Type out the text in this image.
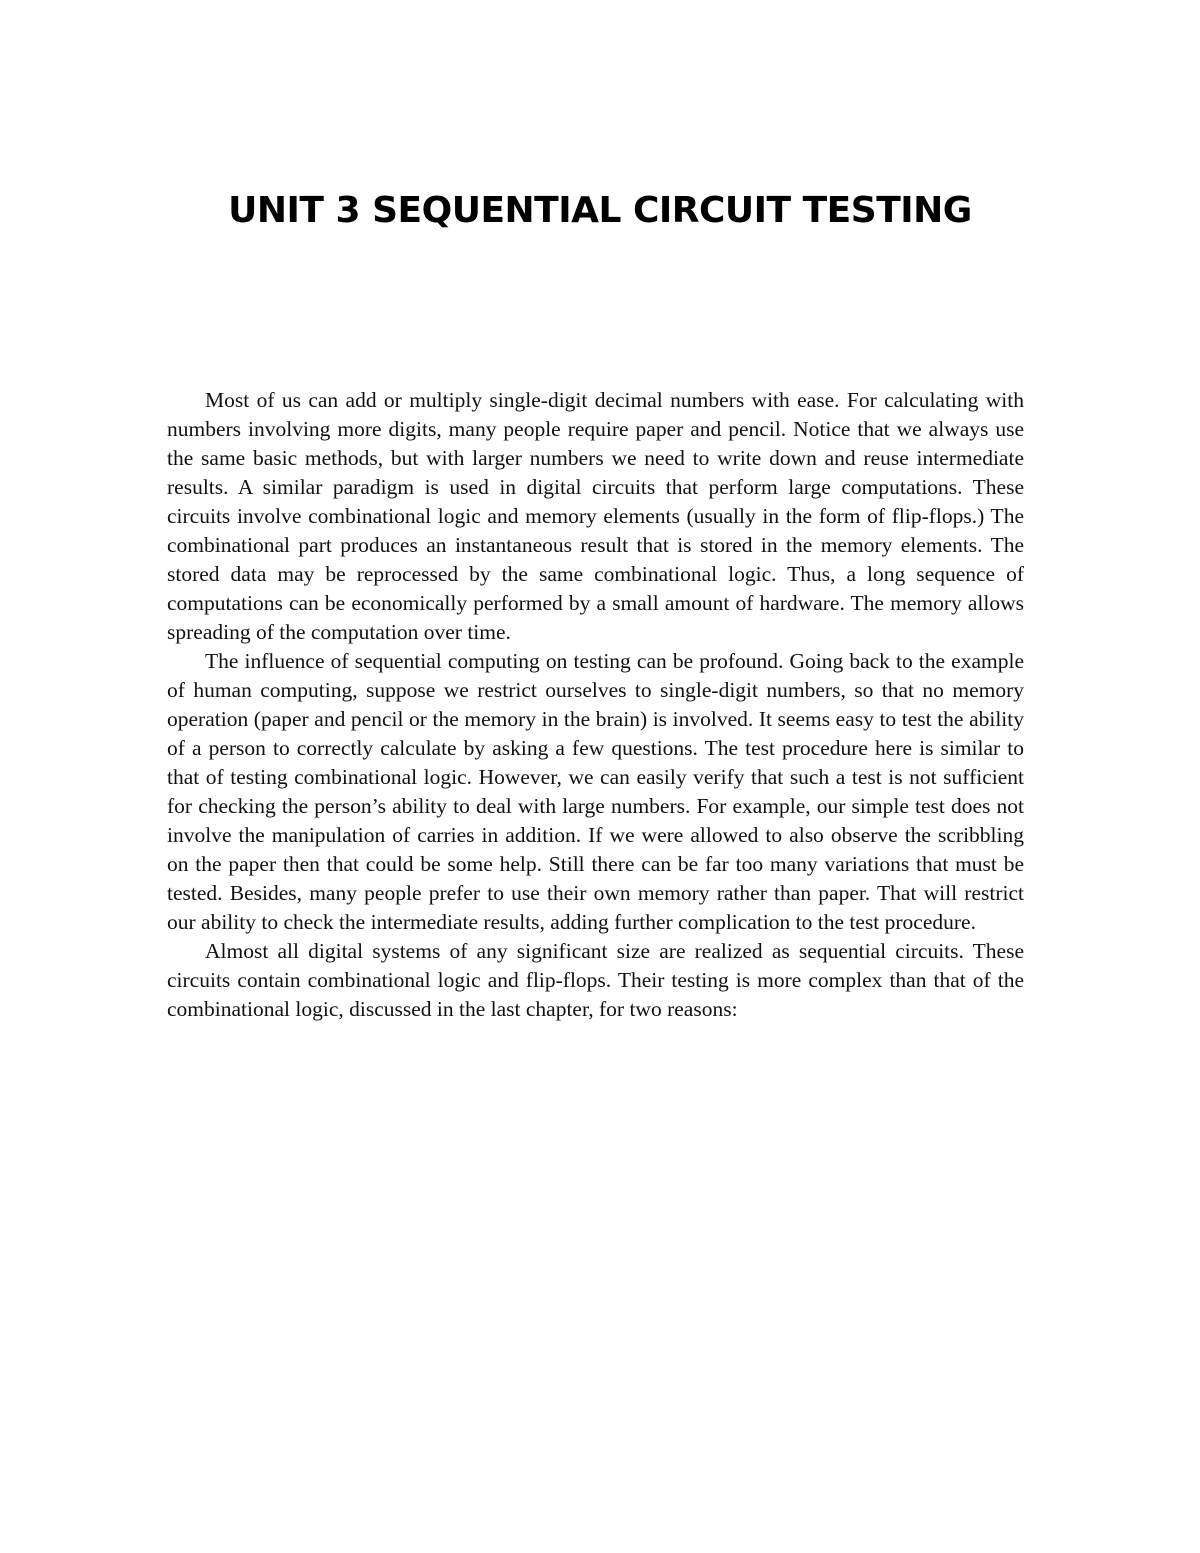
UNIT 3 SEQUENTIAL CIRCUIT TESTING

Most of us can add or multiply single-digit decimal numbers with ease. For calculating with numbers involving more digits, many people require paper and pencil. Notice that we always use the same basic methods, but with larger numbers we need to write down and reuse intermediate results. A similar paradigm is used in digital circuits that perform large computations. These circuits involve combinational logic and memory elements (usually in the form of flip-flops.) The combinational part produces an instantaneous result that is stored in the memory elements. The stored data may be reprocessed by the same combinational logic. Thus, a long sequence of computations can be economically performed by a small amount of hardware. The memory allows spreading of the computation over time.

The influence of sequential computing on testing can be profound. Going back to the example of human computing, suppose we restrict ourselves to single-digit numbers, so that no memory operation (paper and pencil or the memory in the brain) is involved. It seems easy to test the ability of a person to correctly calculate by asking a few questions. The test procedure here is similar to that of testing combinational logic. However, we can easily verify that such a test is not sufficient for checking the person’s ability to deal with large numbers. For example, our simple test does not involve the manipulation of carries in addition. If we were allowed to also observe the scribbling on the paper then that could be some help. Still there can be far too many variations that must be tested. Besides, many people prefer to use their own memory rather than paper. That will restrict our ability to check the intermediate results, adding further complication to the test procedure.

Almost all digital systems of any significant size are realized as sequential circuits. These circuits contain combinational logic and flip-flops. Their testing is more complex than that of the combinational logic, discussed in the last chapter, for two reasons:
